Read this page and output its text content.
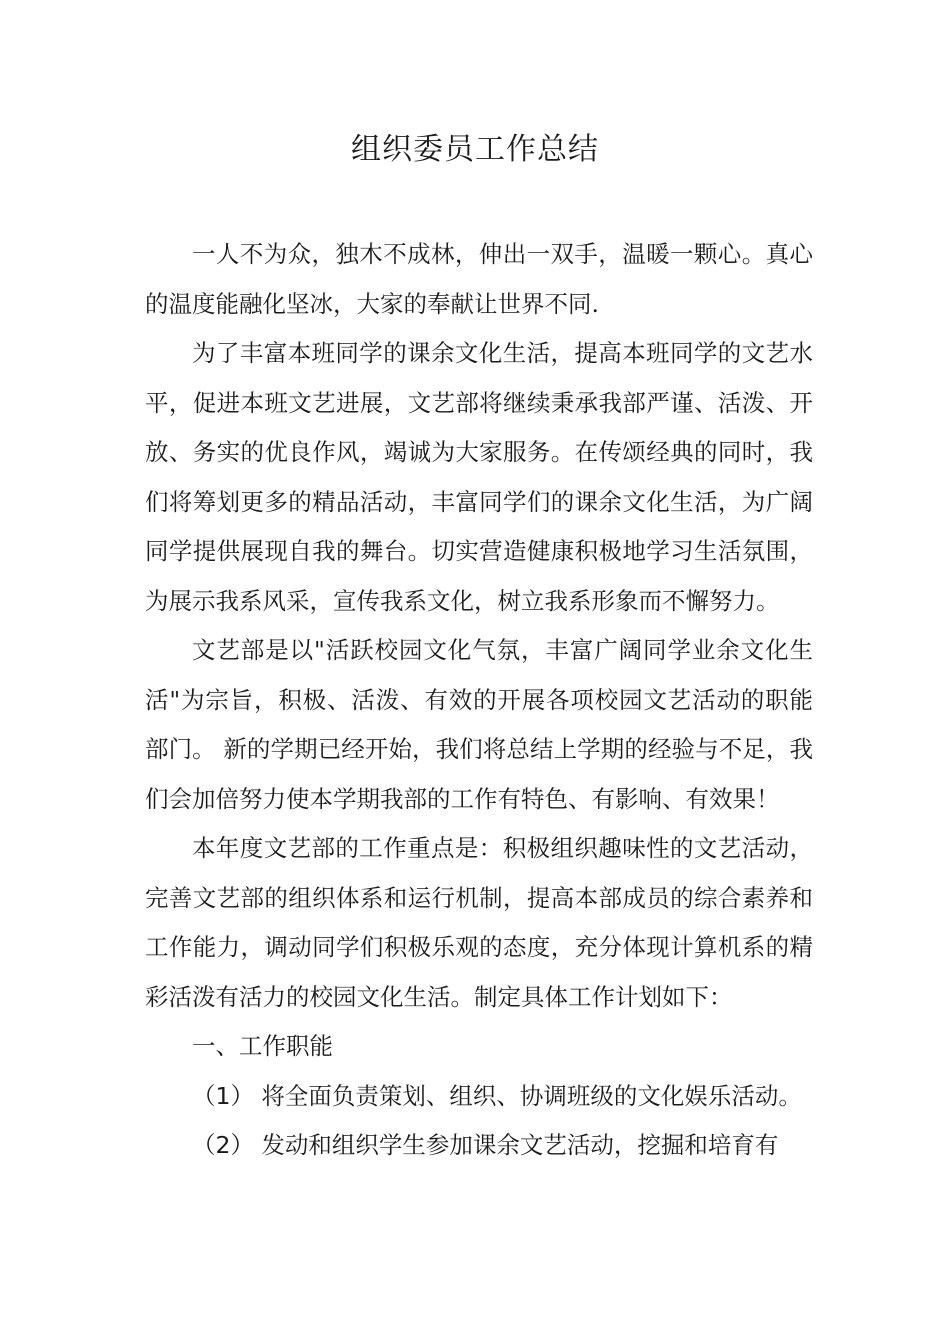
组织委员工作总结

一人不为众，独木不成林，伸出一双手，温暖一颗心。真心的温度能融化坚冰，大家的奉献让世界不同.

为了丰富本班同学的课余文化生活，提高本班同学的文艺水平，促进本班文艺进展，文艺部将继续秉承我部严谨、活泼、开放、务实的优良作风，竭诚为大家服务。在传颂经典的同时，我们将筹划更多的精品活动，丰富同学们的课余文化生活，为广阔同学提供展现自我的舞台。切实营造健康积极地学习生活氛围，为展示我系风采，宣传我系文化，树立我系形象而不懈努力。

文艺部是以"活跃校园文化气氛，丰富广阔同学业余文化生活"为宗旨，积极、活泼、有效的开展各项校园文艺活动的职能部门。 新的学期已经开始，我们将总结上学期的经验与不足，我们会加倍努力使本学期我部的工作有特色、有影响、有效果！

本年度文艺部的工作重点是：积极组织趣味性的文艺活动，完善文艺部的组织体系和运行机制，提高本部成员的综合素养和工作能力，调动同学们积极乐观的态度，充分体现计算机系的精彩活泼有活力的校园文化生活。制定具体工作计划如下：

一、工作职能

（1） 将全面负责策划、组织、协调班级的文化娱乐活动。

（2） 发动和组织学生参加课余文艺活动，挖掘和培育有
